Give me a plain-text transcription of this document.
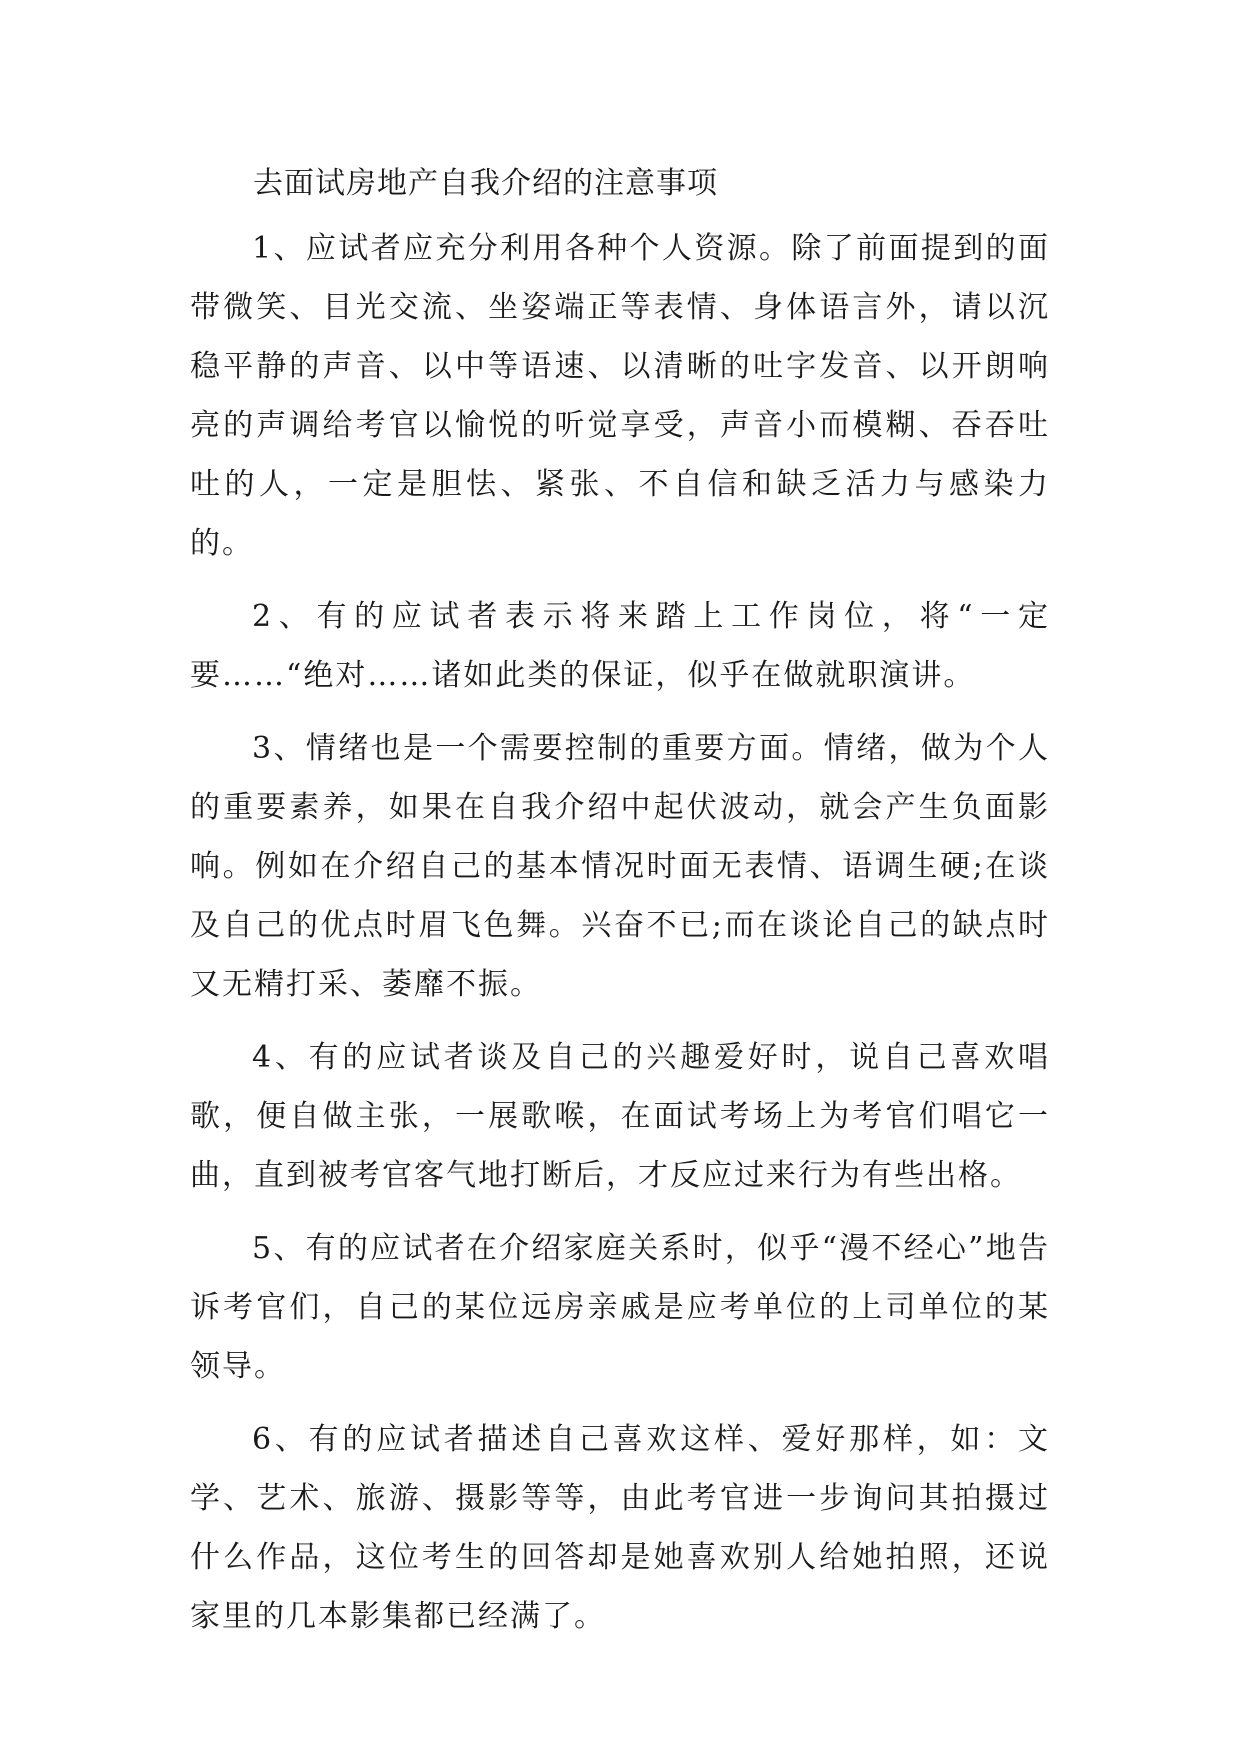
去面试房地产自我介绍的注意事项

1、应试者应充分利用各种个人资源。除了前面提到的面带微笑、目光交流、坐姿端正等表情、身体语言外，请以沉稳平静的声音、以中等语速、以清晰的吐字发音、以开朗响亮的声调给考官以愉悦的听觉享受，声音小而模糊、吞吞吐吐的人，一定是胆怯、紧张、不自信和缺乏活力与感染力的。

2、有的应试者表示将来踏上工作岗位，将“一定要……“绝对……诸如此类的保证，似乎在做就职演讲。

3、情绪也是一个需要控制的重要方面。情绪，做为个人的重要素养，如果在自我介绍中起伏波动，就会产生负面影响。例如在介绍自己的基本情况时面无表情、语调生硬;在谈及自己的优点时眉飞色舞。兴奋不已;而在谈论自己的缺点时又无精打采、萎靡不振。

4、有的应试者谈及自己的兴趣爱好时，说自己喜欢唱歌，便自做主张，一展歌喉，在面试考场上为考官们唱它一曲，直到被考官客气地打断后，才反应过来行为有些出格。

5、有的应试者在介绍家庭关系时，似乎“漫不经心”地告诉考官们，自己的某位远房亲戚是应考单位的上司单位的某领导。

6、有的应试者描述自己喜欢这样、爱好那样，如：文学、艺术、旅游、摄影等等，由此考官进一步询问其拍摄过什么作品，这位考生的回答却是她喜欢别人给她拍照，还说家里的几本影集都已经满了。
